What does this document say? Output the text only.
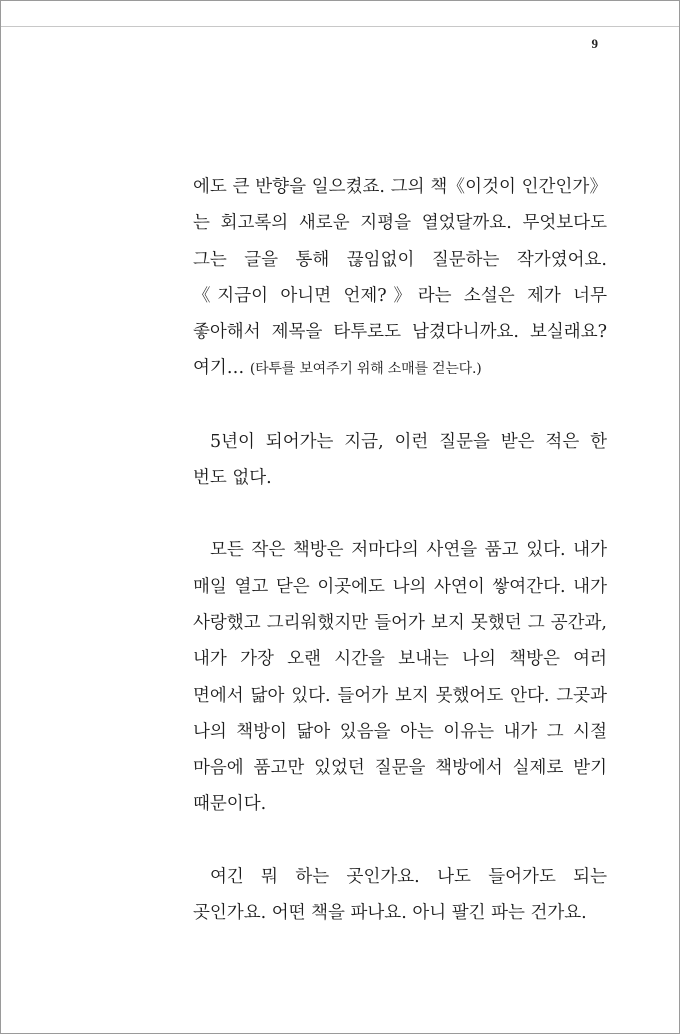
9

에도 큰 반향을 일으켰죠. 그의 책《이것이 인간인가》는 회고록의 새로운 지평을 열었달까요. 무엇보다도 그는 글을 통해 끊임없이 질문하는 작가였어요.《지금이 아니면 언제?》라는 소설은 제가 너무 좋아해서 제목을 타투로도 남겼다니까요. 보실래요? 여기… (타투를 보여주기 위해 소매를 걷는다.)

5년이 되어가는 지금, 이런 질문을 받은 적은 한 번도 없다.

모든 작은 책방은 저마다의 사연을 품고 있다. 내가 매일 열고 닫은 이곳에도 나의 사연이 쌓여간다. 내가 사랑했고 그리워했지만 들어가 보지 못했던 그 공간과, 내가 가장 오랜 시간을 보내는 나의 책방은 여러 면에서 닮아 있다. 들어가 보지 못했어도 안다. 그곳과 나의 책방이 닮아 있음을 아는 이유는 내가 그 시절 마음에 품고만 있었던 질문을 책방에서 실제로 받기 때문이다.

여긴 뭐 하는 곳인가요. 나도 들어가도 되는 곳인가요. 어떤 책을 파나요. 아니 팔긴 파는 건가요.
